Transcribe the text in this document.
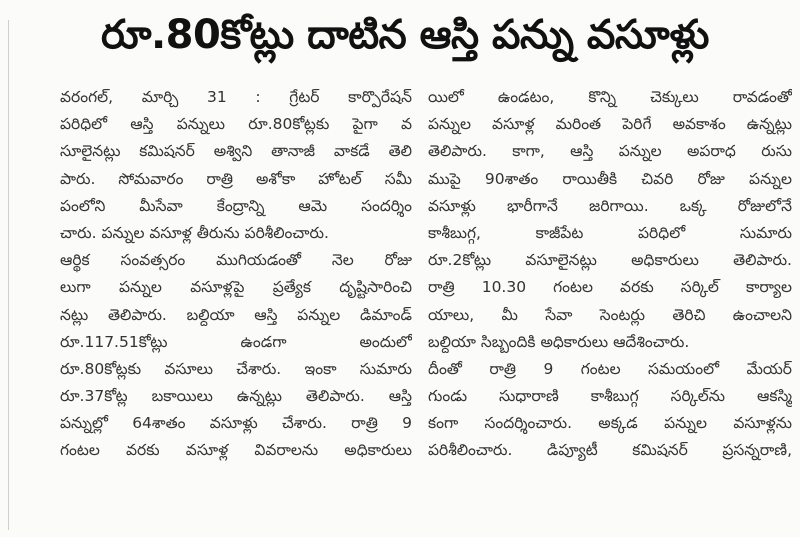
రూ.80కోట్లు దాటిన ఆస్తి పన్ను వసూళ్లు
వరంగల్, మార్చి 31 : గ్రేటర్ కార్పొరేషన్
పరిధిలో ఆస్తి పన్నులు రూ.80కోట్లకు పైగా వ
సూలైనట్లు కమిషనర్ అశ్విని తానాజీ వాకడే తెలి
పారు. సోమవారం రాత్రి అశోకా హోటల్ సమీ
పంలోని మీసేవా కేంద్రాన్ని ఆమె సందర్శిం
చారు. పన్నుల వసూళ్ల తీరును పరిశీలించారు.
ఆర్థిక సంవత్సరం ముగియడంతో నెల రోజు
లుగా పన్నుల వసూళ్లపై ప్రత్యేక దృష్టిసారించి
నట్లు తెలిపారు. బల్దియా ఆస్తి పన్నుల డిమాండ్
రూ.117.51కోట్లు ఉండగా అందులో
రూ.80కోట్లకు వసూలు చేశారు. ఇంకా సుమారు
రూ.37కోట్ల బకాయిలు ఉన్నట్లు తెలిపారు. ఆస్తి
పన్నుల్లో 64శాతం వసూళ్లు చేశారు. రాత్రి 9
గంటల వరకు వసూళ్ల వివరాలను అధికారులు
యిలో ఉండటం, కొన్ని చెక్కులు రావడంతో
పన్నుల వసూళ్ల మరింత పెరిగే అవకాశం ఉన్నట్లు
తెలిపారు. కాగా, ఆస్తి పన్నుల అపరాధ రుసు
ముపై 90శాతం రాయితీకి చివరి రోజు పన్నుల
వసూళ్లు భారీగానే జరిగాయి. ఒక్క రోజులోనే
కాశీబుగ్గ, కాజీపేట పరిధిలో సుమారు
రూ.2కోట్లు వసూలైనట్లు అధికారులు తెలిపారు.
రాత్రి 10.30 గంటల వరకు సర్కిల్ కార్యాల
యాలు, మీ సేవా సెంటర్లు తెరిచి ఉంచాలని
బల్దియా సిబ్బందికి అధికారులు ఆదేశించారు.
దీంతో రాత్రి 9 గంటల సమయంలో మేయర్
గుండు సుధారాణి కాశీబుగ్గ సర్కిల్‌ను ఆకస్మి
కంగా సందర్శించారు. అక్కడ పన్నుల వసూళ్లను
పరిశీలించారు. డిప్యూటీ కమిషనర్ ప్రసన్నరాణి,
